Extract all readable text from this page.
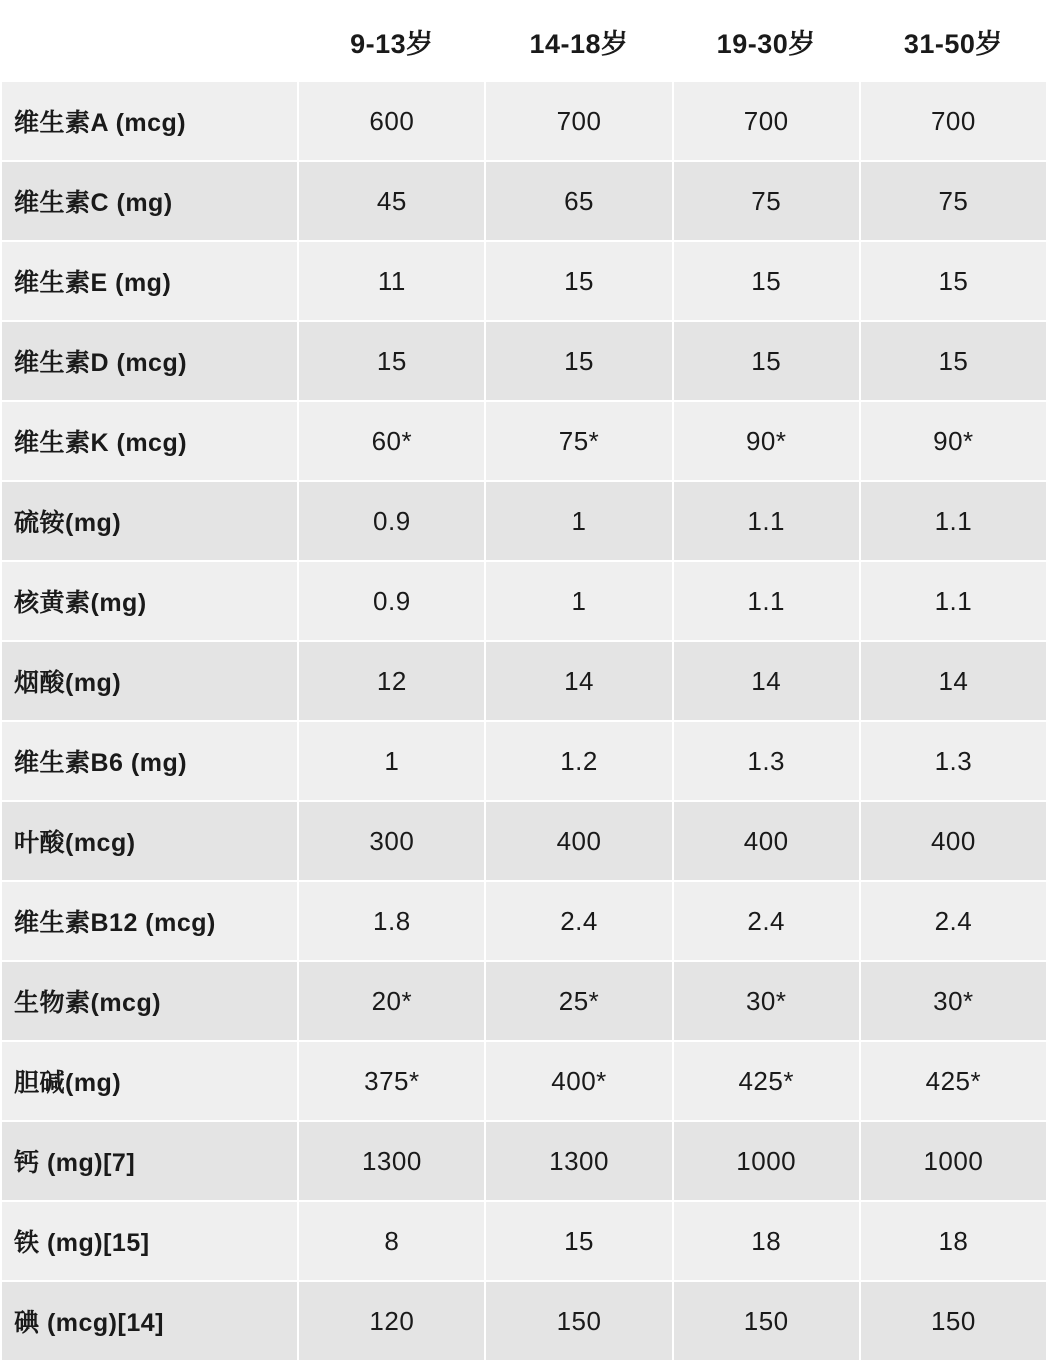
	9-13岁	14-18岁	19-30岁	31-50岁
维生素A (mcg)	600	700	700	700
维生素C (mg)	45	65	75	75
维生素E (mg)	11	15	15	15
维生素D (mcg)	15	15	15	15
维生素K (mcg)	60*	75*	90*	90*
硫铵(mg)	0.9	1	1.1	1.1
核黄素(mg)	0.9	1	1.1	1.1
烟酸(mg)	12	14	14	14
维生素B6 (mg)	1	1.2	1.3	1.3
叶酸(mcg)	300	400	400	400
维生素B12 (mcg)	1.8	2.4	2.4	2.4
生物素(mcg)	20*	25*	30*	30*
胆碱(mg)	375*	400*	425*	425*
钙 (mg)[7]	1300	1300	1000	1000
铁 (mg)[15]	8	15	18	18
碘 (mcg)[14]	120	150	150	150
